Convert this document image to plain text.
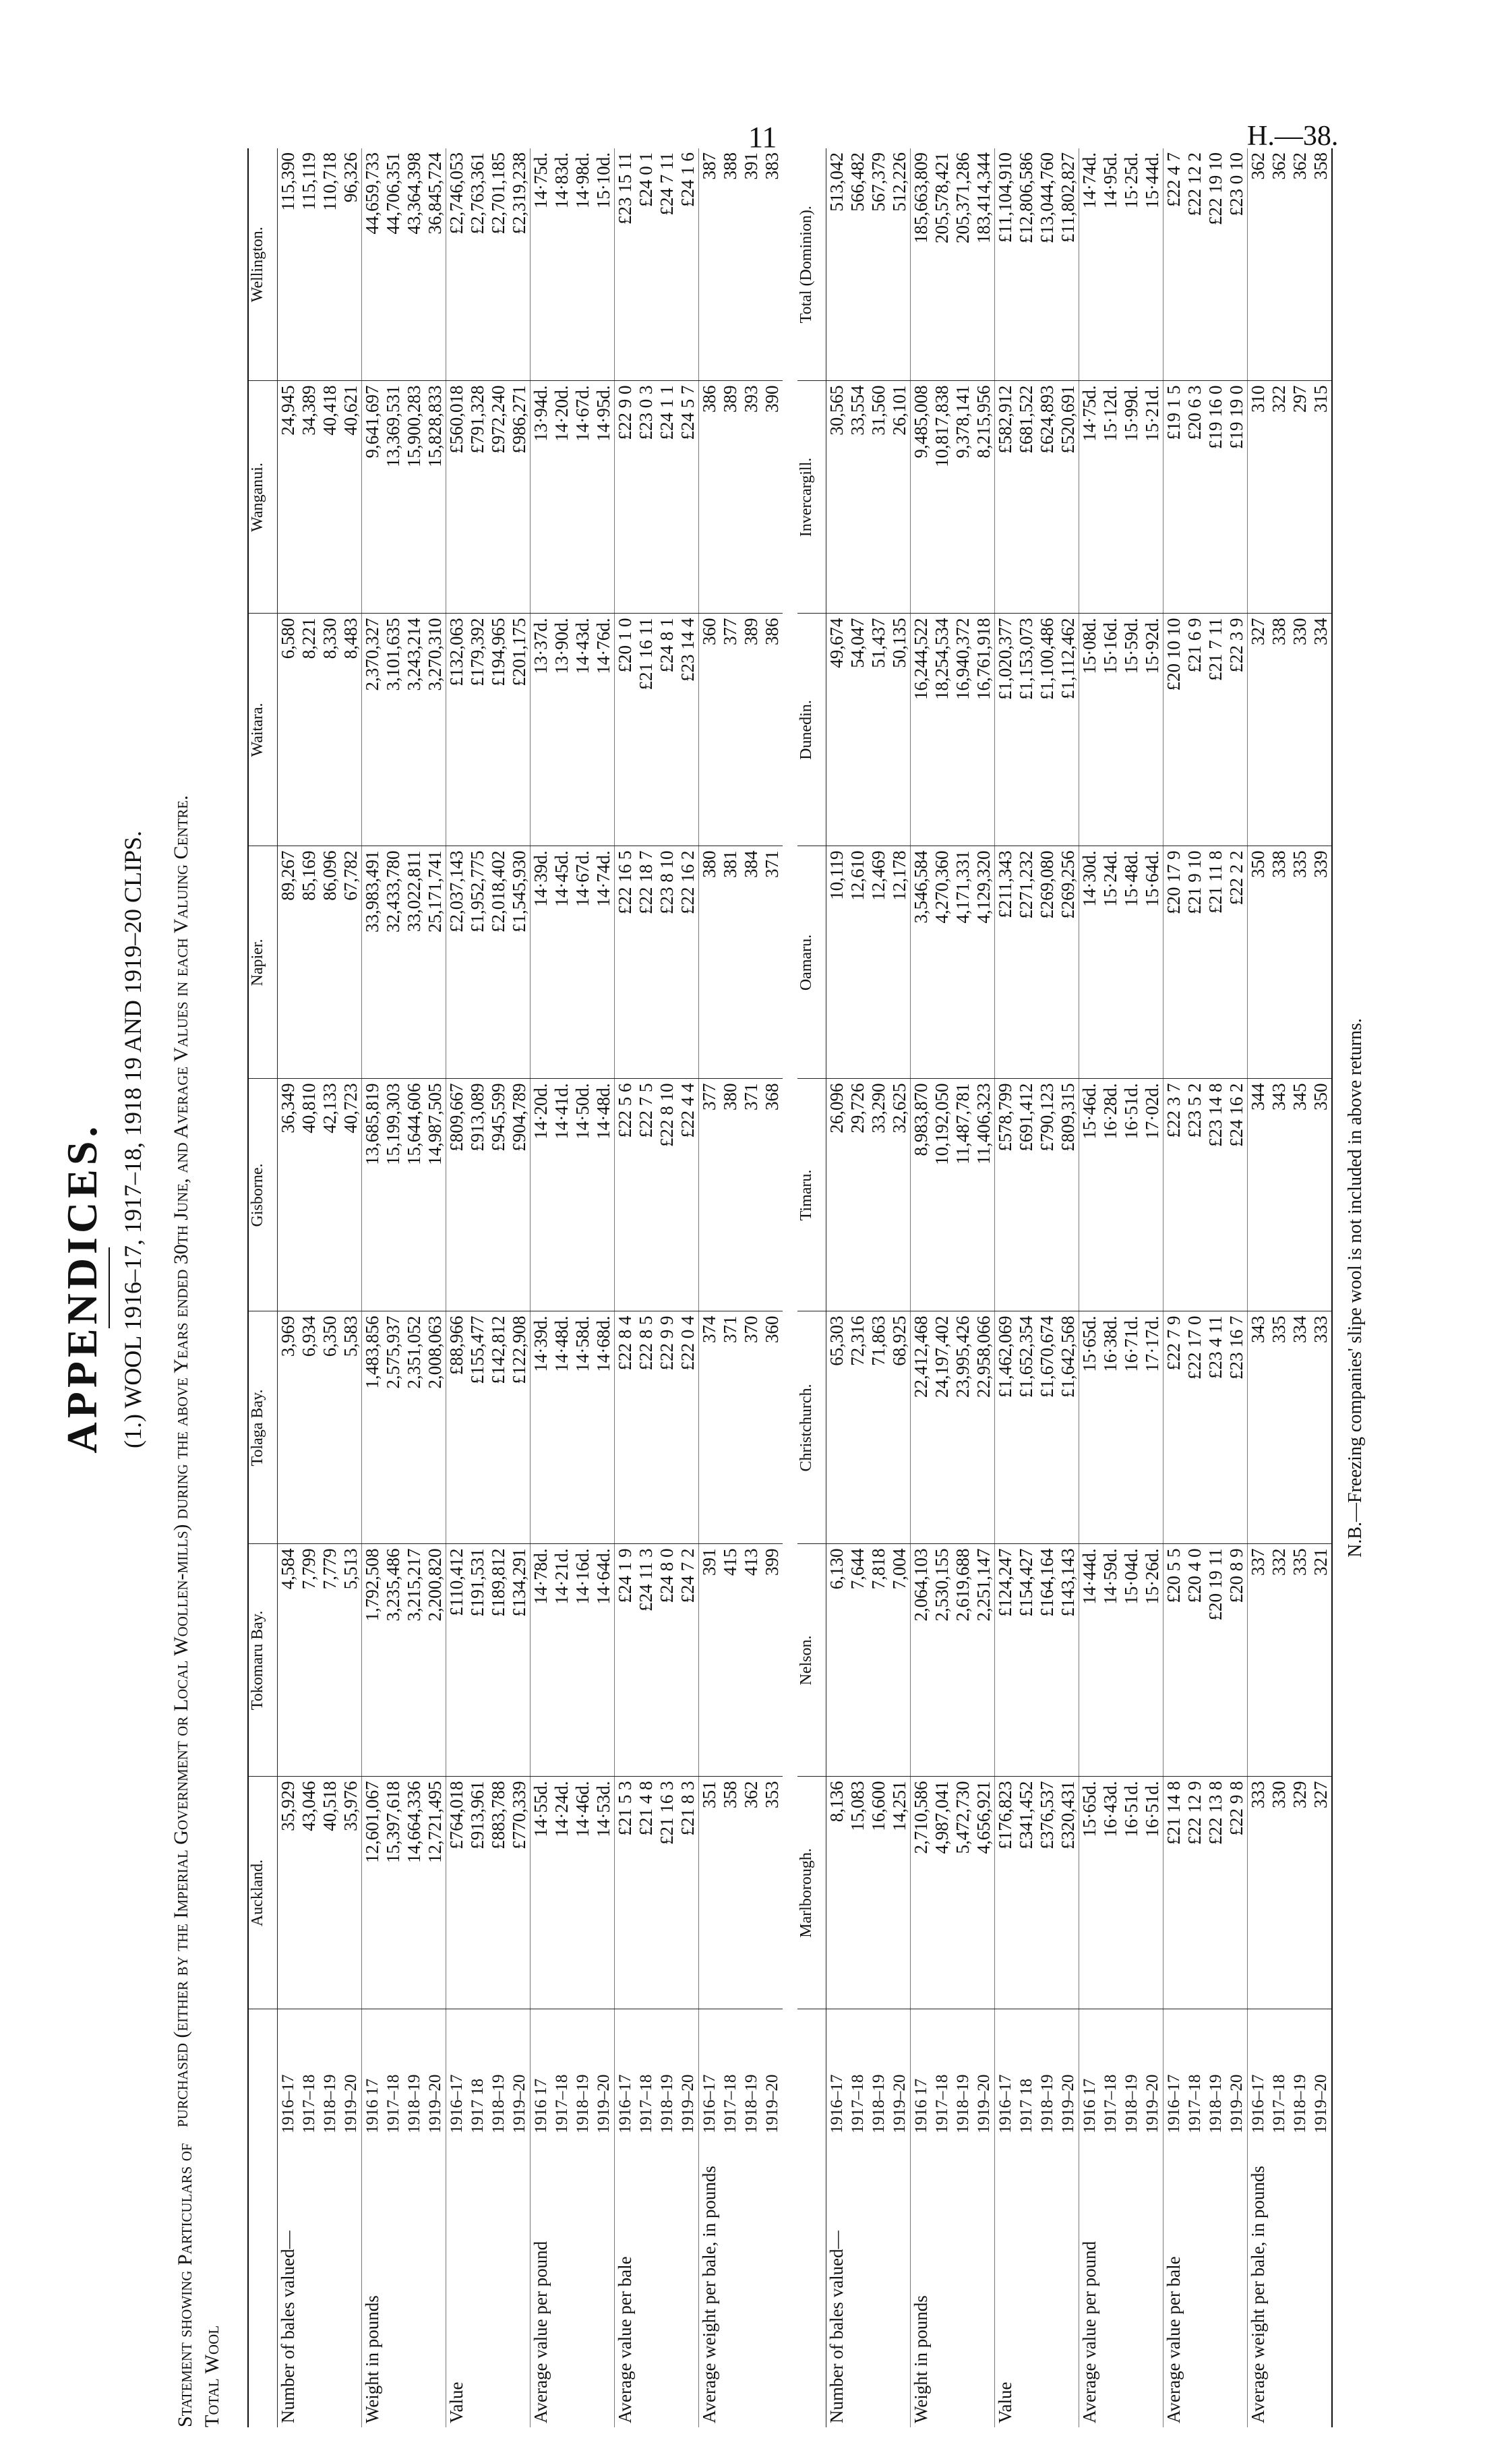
11	H.—38.
APPENDICES.
Statement showing Particulars of Total Wool
(1.) WOOL 1916–17, 1917–18, 1918 19 AND 1919–20 CLIPS. purchased (either by the Imperial Government or Local Woollen-mills) during the above Years ended 30th June, and Average Values in each Valuing Centre.
			Auckland.	Tokomaru Bay.	Tolaga Bay.	Gisborne.	Napier.	Waitara.	Wanganui.	Wellington.
Number of bales valued—	1916–17	35,929	4,584	3,969	36,349	89,267	6,580	24,945	115,390
	1917–18	43,046	7,799	6,934	40,810	85,169	8,221	34,389	115,119
	1918–19	40,518	7,779	6,350	42,133	86,096	8,330	40,418	110,718
	1919–20	35,976	5,513	5,583	40,723	67,782	8,483	40,621	96,326
Weight in pounds	1916 17	12,601,067	1,792,508	1,483,856	13,685,819	33,983,491	2,370,327	9,641,697	44,659,733
	1917–18	15,397,618	3,235,486	2,575,937	15,199,303	32,433,780	3,101,635	13,369,531	44,706,351
	1918–19	14,664,336	3,215,217	2,351,052	15,644,606	33,022,811	3,243,214	15,900,283	43,364,398
	1919–20	12,721,495	2,200,820	2,008,063	14,987,505	25,171,741	3,270,310	15,828,833	36,845,724
Value	1916–17	£764,018	£110,412	£88,966	£809,667	£2,037,143	£132,063	£560,018	£2,746,053
	1917 18	£913,961	£191,531	£155,477	£913,089	£1,952,775	£179,392	£791,328	£2,763,361
	1918–19	£883,788	£189,812	£142,812	£945,599	£2,018,402	£194,965	£972,240	£2,701,185
	1919–20	£770,339	£134,291	£122,908	£904,789	£1,545,930	£201,175	£986,271	£2,319,238
Average value per pound	1916 17	14·55d.	14·78d.	14·39d.	14·20d.	14·39d.	13·37d.	13·94d.	14·75d.
	1917–18	14·24d.	14·21d.	14·48d.	14·41d.	14·45d.	13·90d.	14·20d.	14·83d.
	1918–19	14·46d.	14·16d.	14·58d.	14·50d.	14·67d.	14·43d.	14·67d.	14·98d.
	1919–20	14·53d.	14·64d.	14·68d.	14·48d.	14·74d.	14·76d.	14·95d.	15·10d.
Average value per bale	1916–17	£21 5 3	£24 1 9	£22 8 4	£22 5 6	£22 16 5	£20 1 0	£22 9 0	£23 15 11
	1917–18	£21 4 8	£24 11 3	£22 8 5	£22 7 5	£22 18 7	£21 16 11	£23 0 3	£24 0 1
	1918–19	£21 16 3	£24 8 0	£22 9 9	£22 8 10	£23 8 10	£24 8 1	£24 1 1	£24 7 11
	1919–20	£21 8 3	£24 7 2	£22 0 4	£22 4 4	£22 16 2	£23 14 4	£24 5 7	£24 1 6
Average weight per bale, in pounds	1916–17	351	391	374	377	380	360	386	387
	1917–18	358	415	371	380	381	377	389	388
	1918–19	362	413	370	371	384	389	393	391
	1919–20	353	399	360	368	371	386	390	383
		Marlborough.	Nelson.	Christchurch.	Timaru.	Oamaru.	Dunedin.	Invercargill.	Total (Dominion).
Number of bales valued—	1916–17	8,136	6,130	65,303	26,096	10,119	49,674	30,565	513,042
	1917–18	15,083	7,644	72,316	29,726	12,610	54,047	33,554	566,482
	1918–19	16,600	7,818	71,863	33,290	12,469	51,437	31,560	567,379
	1919–20	14,251	7,004	68,925	32,625	12,178	50,135	26,101	512,226
Weight in pounds	1916 17	2,710,586	2,064,103	22,412,468	8,983,870	3,546,584	16,244,522	9,485,008	185,663,809
	1917–18	4,987,041	2,530,155	24,197,402	10,192,050	4,270,360	18,254,534	10,817,838	205,578,421
	1918–19	5,472,730	2,619,688	23,995,426	11,487,781	4,171,331	16,940,372	9,378,141	205,371,286
	1919–20	4,656,921	2,251,147	22,958,066	11,406,323	4,129,320	16,761,918	8,215,956	183,414,344
Value	1916–17	£176,823	£124,247	£1,462,069	£578,799	£211,343	£1,020,377	£582,912	£11,104,910
	1917 18	£341,452	£154,427	£1,652,354	£691,412	£271,232	£1,153,073	£681,522	£12,806,586
	1918–19	£376,537	£164,164	£1,670,674	£790,123	£269,080	£1,100,486	£624,893	£13,044,760
	1919–20	£320,431	£143,143	£1,642,568	£809,315	£269,256	£1,112,462	£520,691	£11,802,827
Average value per pound	1916 17	15·65d.	14·44d.	15·65d.	15·46d.	14·30d.	15·08d.	14·75d.	14·74d.
	1917–18	16·43d.	14·59d.	16·38d.	16·28d.	15·24d.	15·16d.	15·12d.	14·95d.
	1918–19	16·51d.	15·04d.	16·71d.	16·51d.	15·48d.	15·59d.	15·99d.	15·25d.
	1919–20	16·51d.	15·26d.	17·17d.	17·02d.	15·64d.	15·92d.	15·21d.	15·44d.
Average value per bale	1916–17	£21 14 8	£20 5 5	£22 7 9	£22 3 7	£20 17 9	£20 10 10	£19 1 5	£22 4 7
	1917–18	£22 12 9	£20 4 0	£22 17 0	£23 5 2	£21 9 10	£21 6 9	£20 6 3	£22 12 2
	1918–19	£22 13 8	£20 19 11	£23 4 11	£23 14 8	£21 11 8	£21 7 11	£19 16 0	£22 19 10
	1919–20	£22 9 8	£20 8 9	£23 16 7	£24 16 2	£22 2 2	£22 3 9	£19 19 0	£23 0 10
Average weight per bale, in pounds	1916–17	333	337	343	344	350	327	310	362
	1917–18	330	332	335	343	338	338	322	362
	1918–19	329	335	334	345	335	330	297	362
	1919–20	327	321	333	350	339	334	315	358
N.B.—Freezing companies' slipe wool is not included in above returns.
